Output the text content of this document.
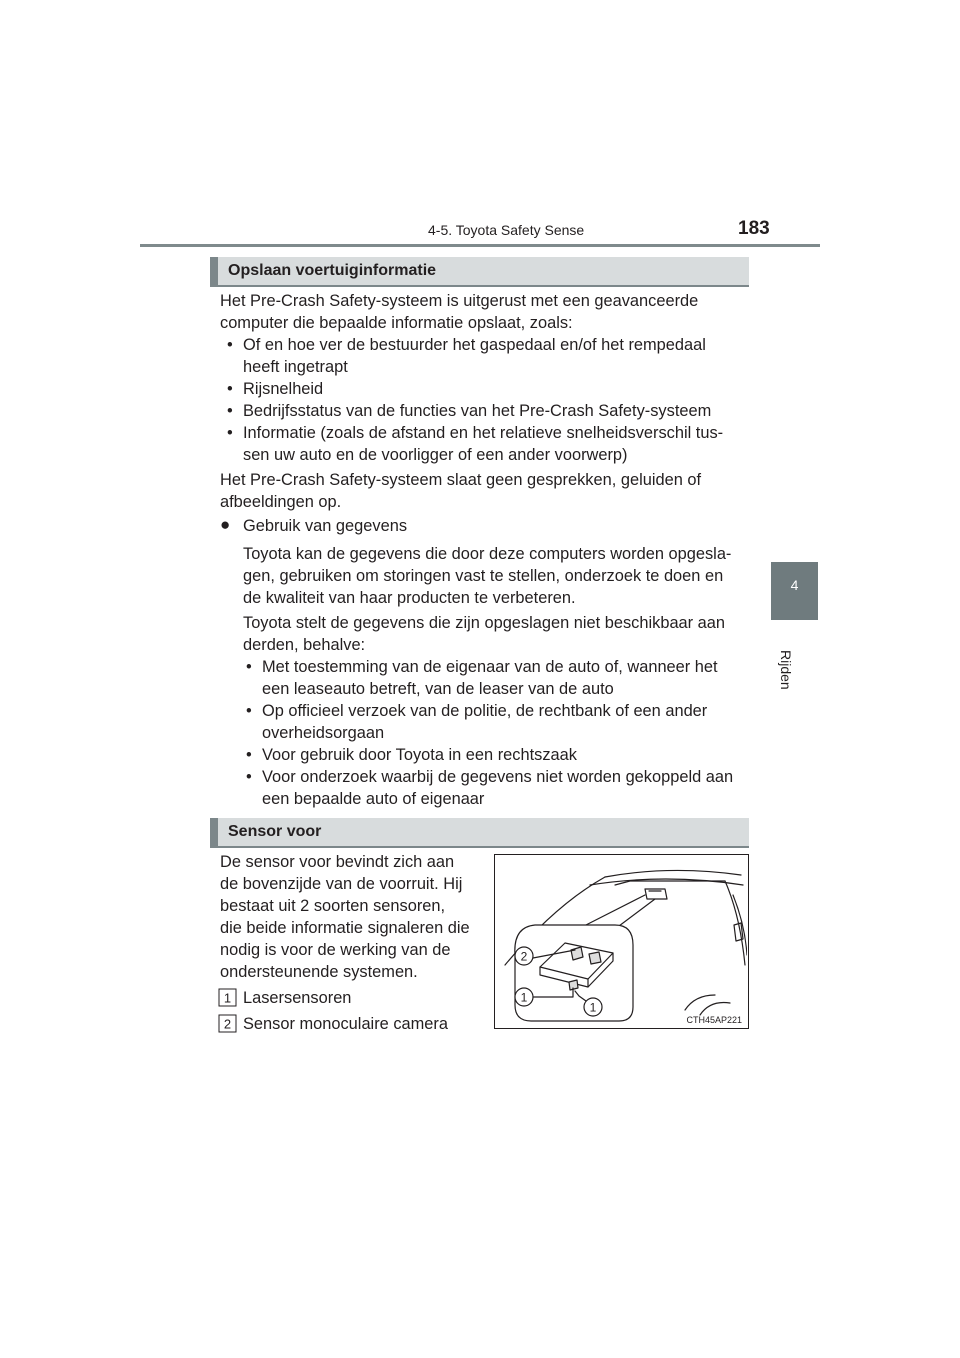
4-5. Toyota Safety Sense	183
4
Rijden
Opslaan voertuiginformatie
Het Pre-Crash Safety-systeem is uitgerust met een geavanceerde
computer die bepaalde informatie opslaat, zoals:
• Of en hoe ver de bestuurder het gaspedaal en/of het rempedaal
heeft ingetrapt
• Rijsnelheid
• Bedrijfsstatus van de functies van het Pre-Crash Safety-systeem
• Informatie (zoals de afstand en het relatieve snelheidsverschil tus-
sen uw auto en de voorligger of een ander voorwerp)
Het Pre-Crash Safety-systeem slaat geen gesprekken, geluiden of
afbeeldingen op.
● Gebruik van gegevens
Toyota kan de gegevens die door deze computers worden opgesla-
gen, gebruiken om storingen vast te stellen, onderzoek te doen en
de kwaliteit van haar producten te verbeteren.
Toyota stelt de gegevens die zijn opgeslagen niet beschikbaar aan
derden, behalve:
• Met toestemming van de eigenaar van de auto of, wanneer het
een leaseauto betreft, van de leaser van de auto
• Op officieel verzoek van de politie, de rechtbank of een ander
overheidsorgaan
• Voor gebruik door Toyota in een rechtszaak
• Voor onderzoek waarbij de gegevens niet worden gekoppeld aan
een bepaalde auto of eigenaar
Sensor voor
De sensor voor bevindt zich aan
de bovenzijde van de voorruit. Hij
bestaat uit 2 soorten sensoren,
die beide informatie signaleren die
nodig is voor de werking van de
ondersteunende systemen.
1 Lasersensoren
2 Sensor monoculaire camera
2
1
1
CTH45AP221
